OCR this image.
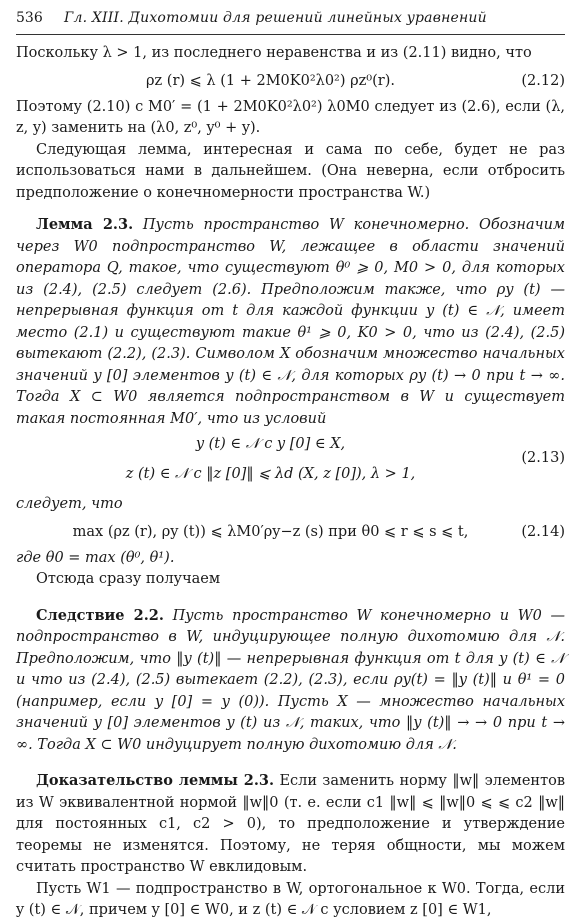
536	Гл. XIII. Дихотомии для решений линейных уравнений

Поскольку λ > 1, из последнего неравенства и из (2.11) видно, что

ρz (r) ⩽ λ (1 + 2M0K0²λ0²) ρz⁰(r).	(2.12)

Поэтому (2.10) с M0′ = (1 + 2M0K0²λ0²) λ0M0 следует из (2.6), если (λ, z, y) заменить на (λ0, z⁰, y⁰ + y).

Следующая лемма, интересная и сама по себе, будет не раз использоваться нами в дальнейшем. (Она неверна, если отбросить предположение о конечномерности пространства W.)

Лемма 2.3. Пусть пространство W конечномерно. Обозначим через W0 подпространство W, лежащее в области значений оператора Q, такое, что существуют θ⁰ ⩾ 0, M0 > 0, для которых из (2.4), (2.5) следует (2.6). Предположим также, что ρy (t) — непрерывная функция от t для каждой функции y (t) ∈ 𝒩, имеет место (2.1) и существуют такие θ¹ ⩾ 0, K0 > 0, что из (2.4), (2.5) вытекают (2.2), (2.3). Символом X обозначим множество начальных значений y [0] элементов y (t) ∈ 𝒩, для которых ρy (t) → 0 при t → ∞. Тогда X ⊂ W0 является подпространством в W и существует такая постоянная M0′, что из условий

y (t) ∈ 𝒩 с y [0] ∈ X,
z (t) ∈ 𝒩 с ‖z [0]‖ ⩽ λd (X, z [0]), λ > 1,
(2.13)

следует, что

max (ρz (r), ρy (t)) ⩽ λM0′ρy−z (s) при θ0 ⩽ r ⩽ s ⩽ t,	(2.14)

где θ0 = max (θ⁰, θ¹).

Отсюда сразу получаем

Следствие 2.2. Пусть пространство W конечномерно и W0 — подпространство в W, индуцирующее полную дихотомию для 𝒩. Предположим, что ‖y (t)‖ — непрерывная функция от t для y (t) ∈ 𝒩 и что из (2.4), (2.5) вытекает (2.2), (2.3), если ρy(t) = ‖y (t)‖ и θ¹ = 0 (например, если y [0] = y (0)). Пусть X — множество начальных значений y [0] элементов y (t) из 𝒩, таких, что ‖y (t)‖ → → 0 при t → ∞. Тогда X ⊂ W0 индуцирует полную дихотомию для 𝒩.

Доказательство леммы 2.3. Если заменить норму ‖w‖ элементов из W эквивалентной нормой ‖w‖0 (т. е. если c1 ‖w‖ ⩽ ‖w‖0 ⩽ ⩽ c2 ‖w‖ для постоянных c1, c2 > 0), то предположение и утверждение теоремы не изменятся. Поэтому, не теряя общности, мы можем считать пространство W евклидовым.

Пусть W1 — подпространство в W, ортогональное к W0. Тогда, если y (t) ∈ 𝒩, причем y [0] ∈ W0, и z (t) ∈ 𝒩 с условием z [0] ∈ W1,
